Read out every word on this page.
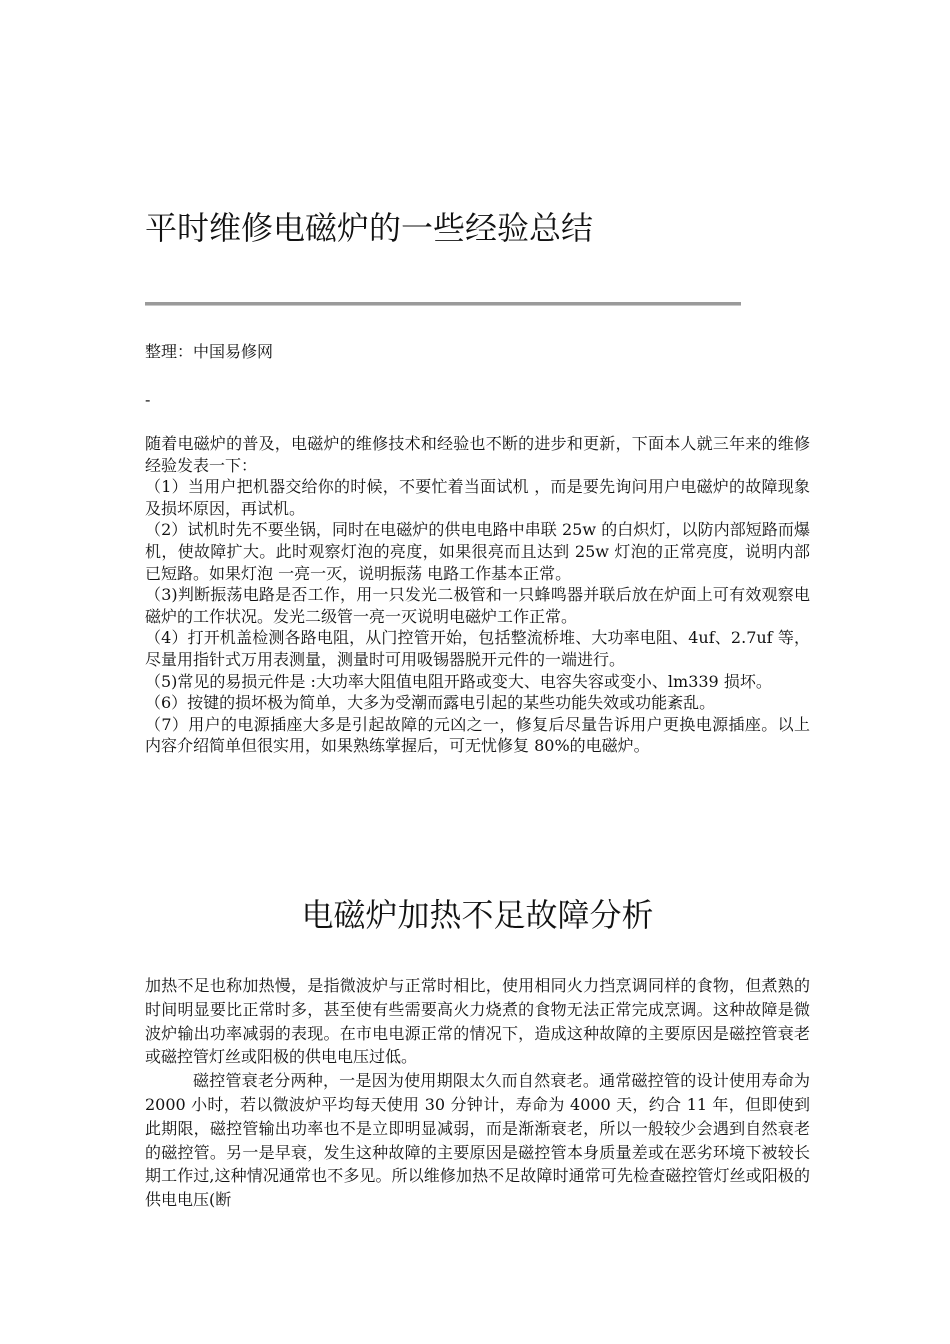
平时维修电磁炉的一些经验总结
整理：中国易修网
-

随着电磁炉的普及，电磁炉的维修技术和经验也不断的进步和更新，下面本人就三年来的维修经验发表一下：

（1）当用户把机器交给你的时候，不要忙着当面试机 ，而是要先询问用户电磁炉的故障现象及损坏原因，再试机。

（2）试机时先不要坐锅，同时在电磁炉的供电电路中串联 25w 的白炽灯，以防内部短路而爆机，使故障扩大。此时观察灯泡的亮度，如果很亮而且达到 25w 灯泡的正常亮度，说明内部已短路。如果灯泡 一亮一灭，说明振荡 电路工作基本正常。

（3)判断振荡电路是否工作，用一只发光二极管和一只蜂鸣器并联后放在炉面上可有效观察电磁炉的工作状况。发光二级管一亮一灭说明电磁炉工作正常。

（4）打开机盖检测各路电阻，从门控管开始，包括整流桥堆、大功率电阻、4uf、2.7uf 等，尽量用指针式万用表测量，测量时可用吸锡器脱开元件的一端进行。

（5)常见的易损元件是 :大功率大阻值电阻开路或变大、电容失容或变小、lm339 损坏。

（6）按键的损坏极为简单，大多为受潮而露电引起的某些功能失效或功能紊乱。

（7）用户的电源插座大多是引起故障的元凶之一，修复后尽量告诉用户更换电源插座。以上内容介绍简单但很实用，如果熟练掌握后，可无忧修复 80%的电磁炉。

电磁炉加热不足故障分析

加热不足也称加热慢，是指微波炉与正常时相比，使用相同火力挡烹调同样的食物，但煮熟的时间明显要比正常时多，甚至使有些需要高火力烧煮的食物无法正常完成烹调。这种故障是微波炉输出功率减弱的表现。在市电电源正常的情况下，造成这种故障的主要原因是磁控管衰老或磁控管灯丝或阳极的供电电压过低。

磁控管衰老分两种，一是因为使用期限太久而自然衰老。通常磁控管的设计使用寿命为 2000 小时，若以微波炉平均每天使用 30 分钟计，寿命为 4000 天，约合 11 年，但即使到此期限，磁控管输出功率也不是立即明显减弱，而是渐渐衰老，所以一般较少会遇到自然衰老的磁控管。另一是早衰，发生这种故障的主要原因是磁控管本身质量差或在恶劣环境下被较长期工作过,这种情况通常也不多见。所以维修加热不足故障时通常可先检查磁控管灯丝或阳极的供电电压(断
